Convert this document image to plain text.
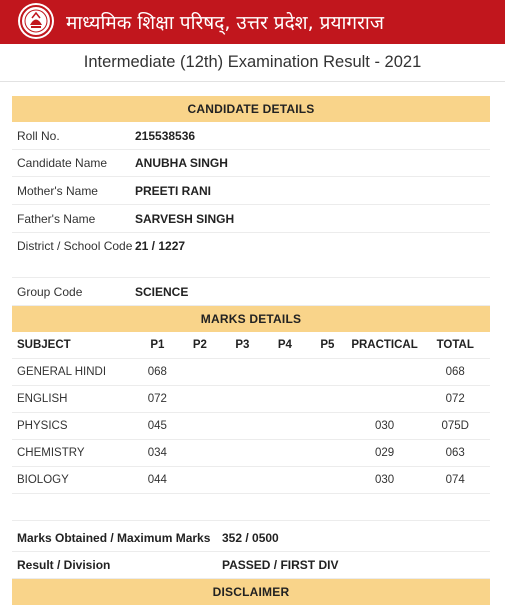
माध्यमिक शिक्षा परिषद्, उत्तर प्रदेश, प्रयागराज
Intermediate (12th) Examination Result - 2021
CANDIDATE DETAILS
Roll No.	215538536
Candidate Name	ANUBHA SINGH
Mother's Name	PREETI RANI
Father's Name	SARVESH SINGH
District / School Code 21 / 1227
Group Code	SCIENCE
MARKS DETAILS
SUBJECT	P1	P2	P3	P4	P5	PRACTICAL	TOTAL
GENERAL HINDI	068						068
ENGLISH	072						072
PHYSICS	045					030	075D
CHEMISTRY	034					029	063
BIOLOGY	044					030	074

Marks Obtained / Maximum Marks 352 / 0500
Result / Division	PASSED / FIRST DIV
DISCLAIMER
